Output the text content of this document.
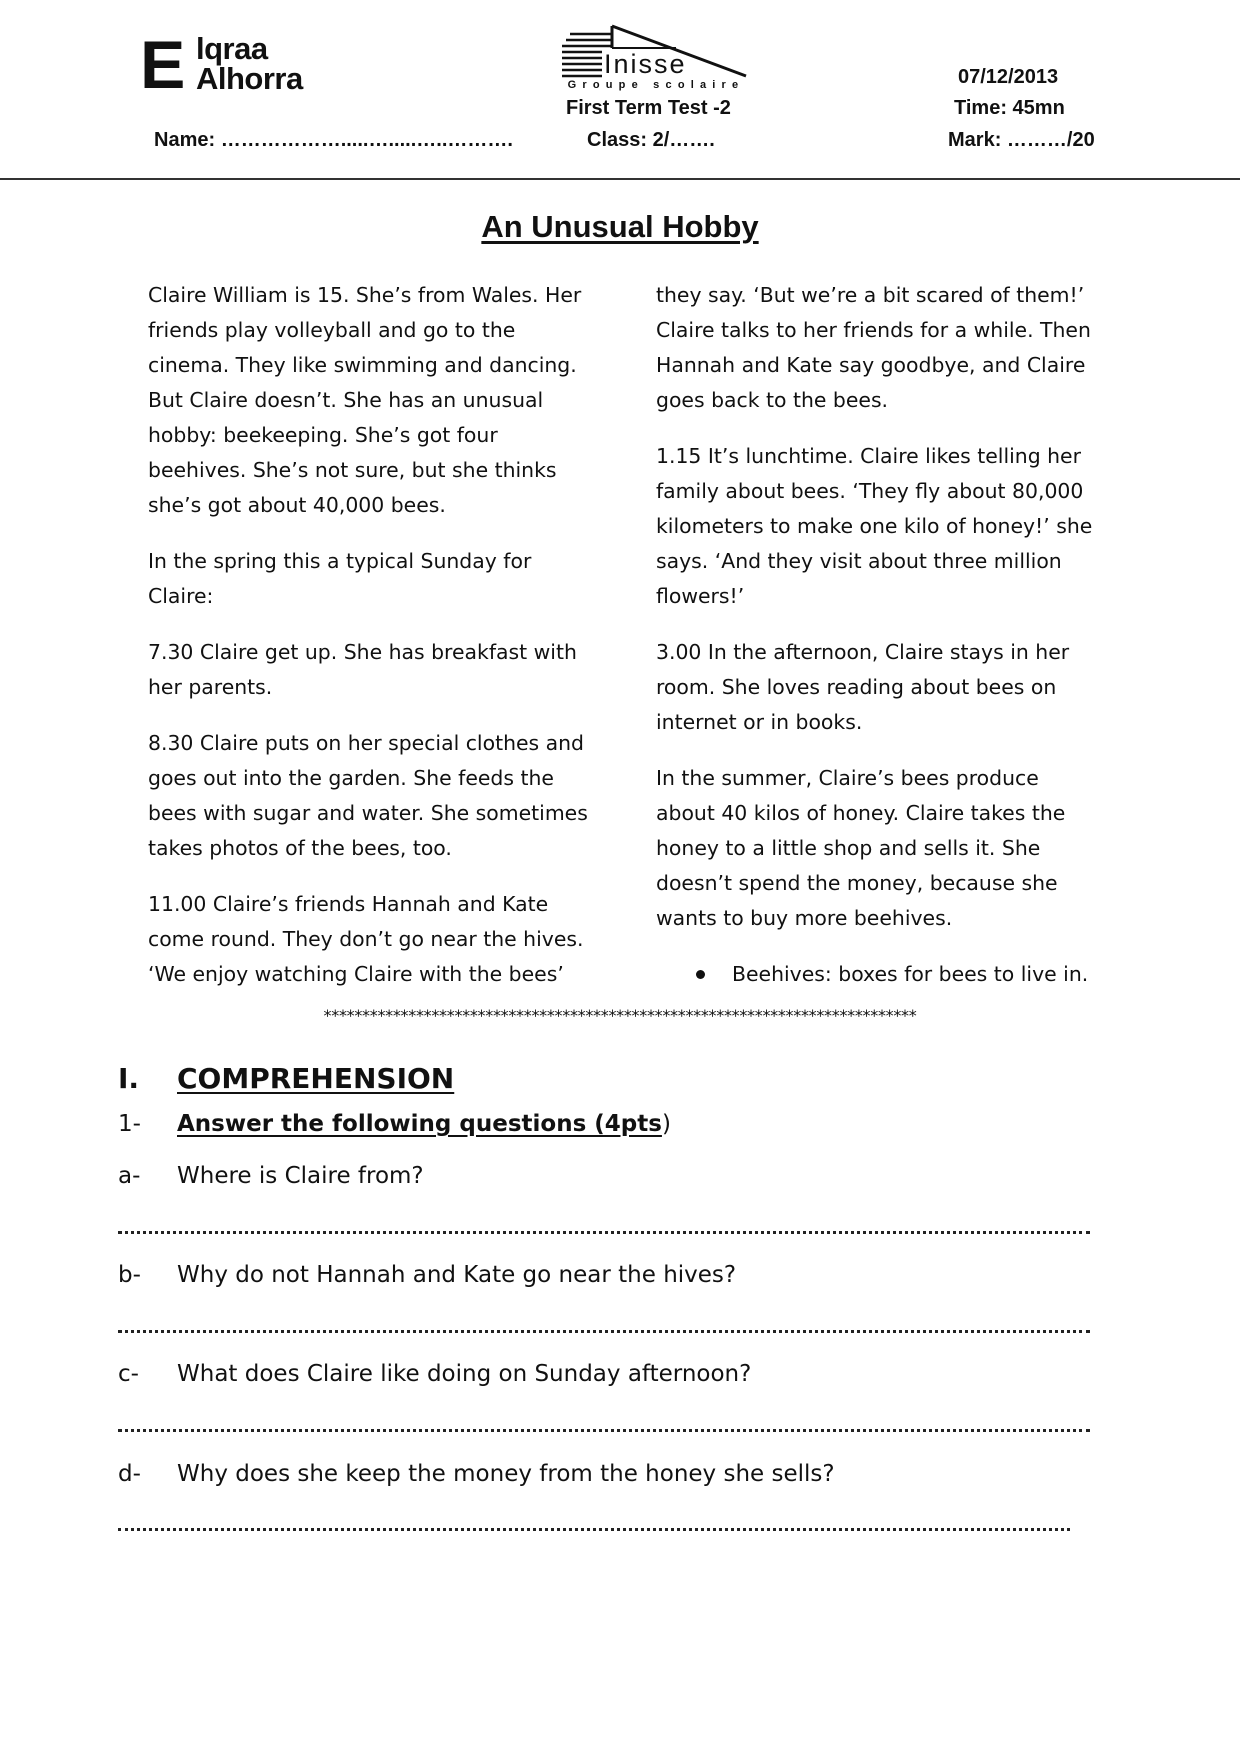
E lqraa
Alhorra	Inisse
Groupe scolaire	07/12/2013
First Term Test -2	Time: 45mn
Name: ……………….....….....…..……….	Class: 2/…….	Mark: ………/20
An Unusual Hobby

Claire William is 15. She’s from Wales. Her friends play volleyball and go to the cinema. They like swimming and dancing. But Claire doesn’t. She has an unusual hobby: beekeeping. She’s got four beehives. She’s not sure, but she thinks she’s got about 40,000 bees.

In the spring this a typical Sunday for Claire:

7.30 Claire get up. She has breakfast with her parents.

8.30 Claire puts on her special clothes and goes out into the garden. She feeds the bees with sugar and water. She sometimes takes photos of the bees, too.

11.00 Claire’s friends Hannah and Kate come round. They don’t go near the hives. ‘We enjoy watching Claire with the bees’

they say. ‘But we’re a bit scared of them!’ Claire talks to her friends for a while. Then Hannah and Kate say goodbye, and Claire goes back to the bees.

1.15 It’s lunchtime. Claire likes telling her family about bees. ‘They fly about 80,000 kilometers to make one kilo of honey!’ she says. ‘And they visit about three million flowers!’

3.00 In the afternoon, Claire stays in her room. She loves reading about bees on internet or in books.

In the summer, Claire’s bees produce about 40 kilos of honey. Claire takes the honey to a little shop and sells it. She doesn’t spend the money, because she wants to buy more beehives.

Beehives: boxes for bees to live in.
*****************************************************************************
I. COMPREHENSION
1- Answer the following questions (4pts)
a- Where is Claire from?
b- Why do not Hannah and Kate go near the hives?
c- What does Claire like doing on Sunday afternoon?
d- Why does she keep the money from the honey she sells?
